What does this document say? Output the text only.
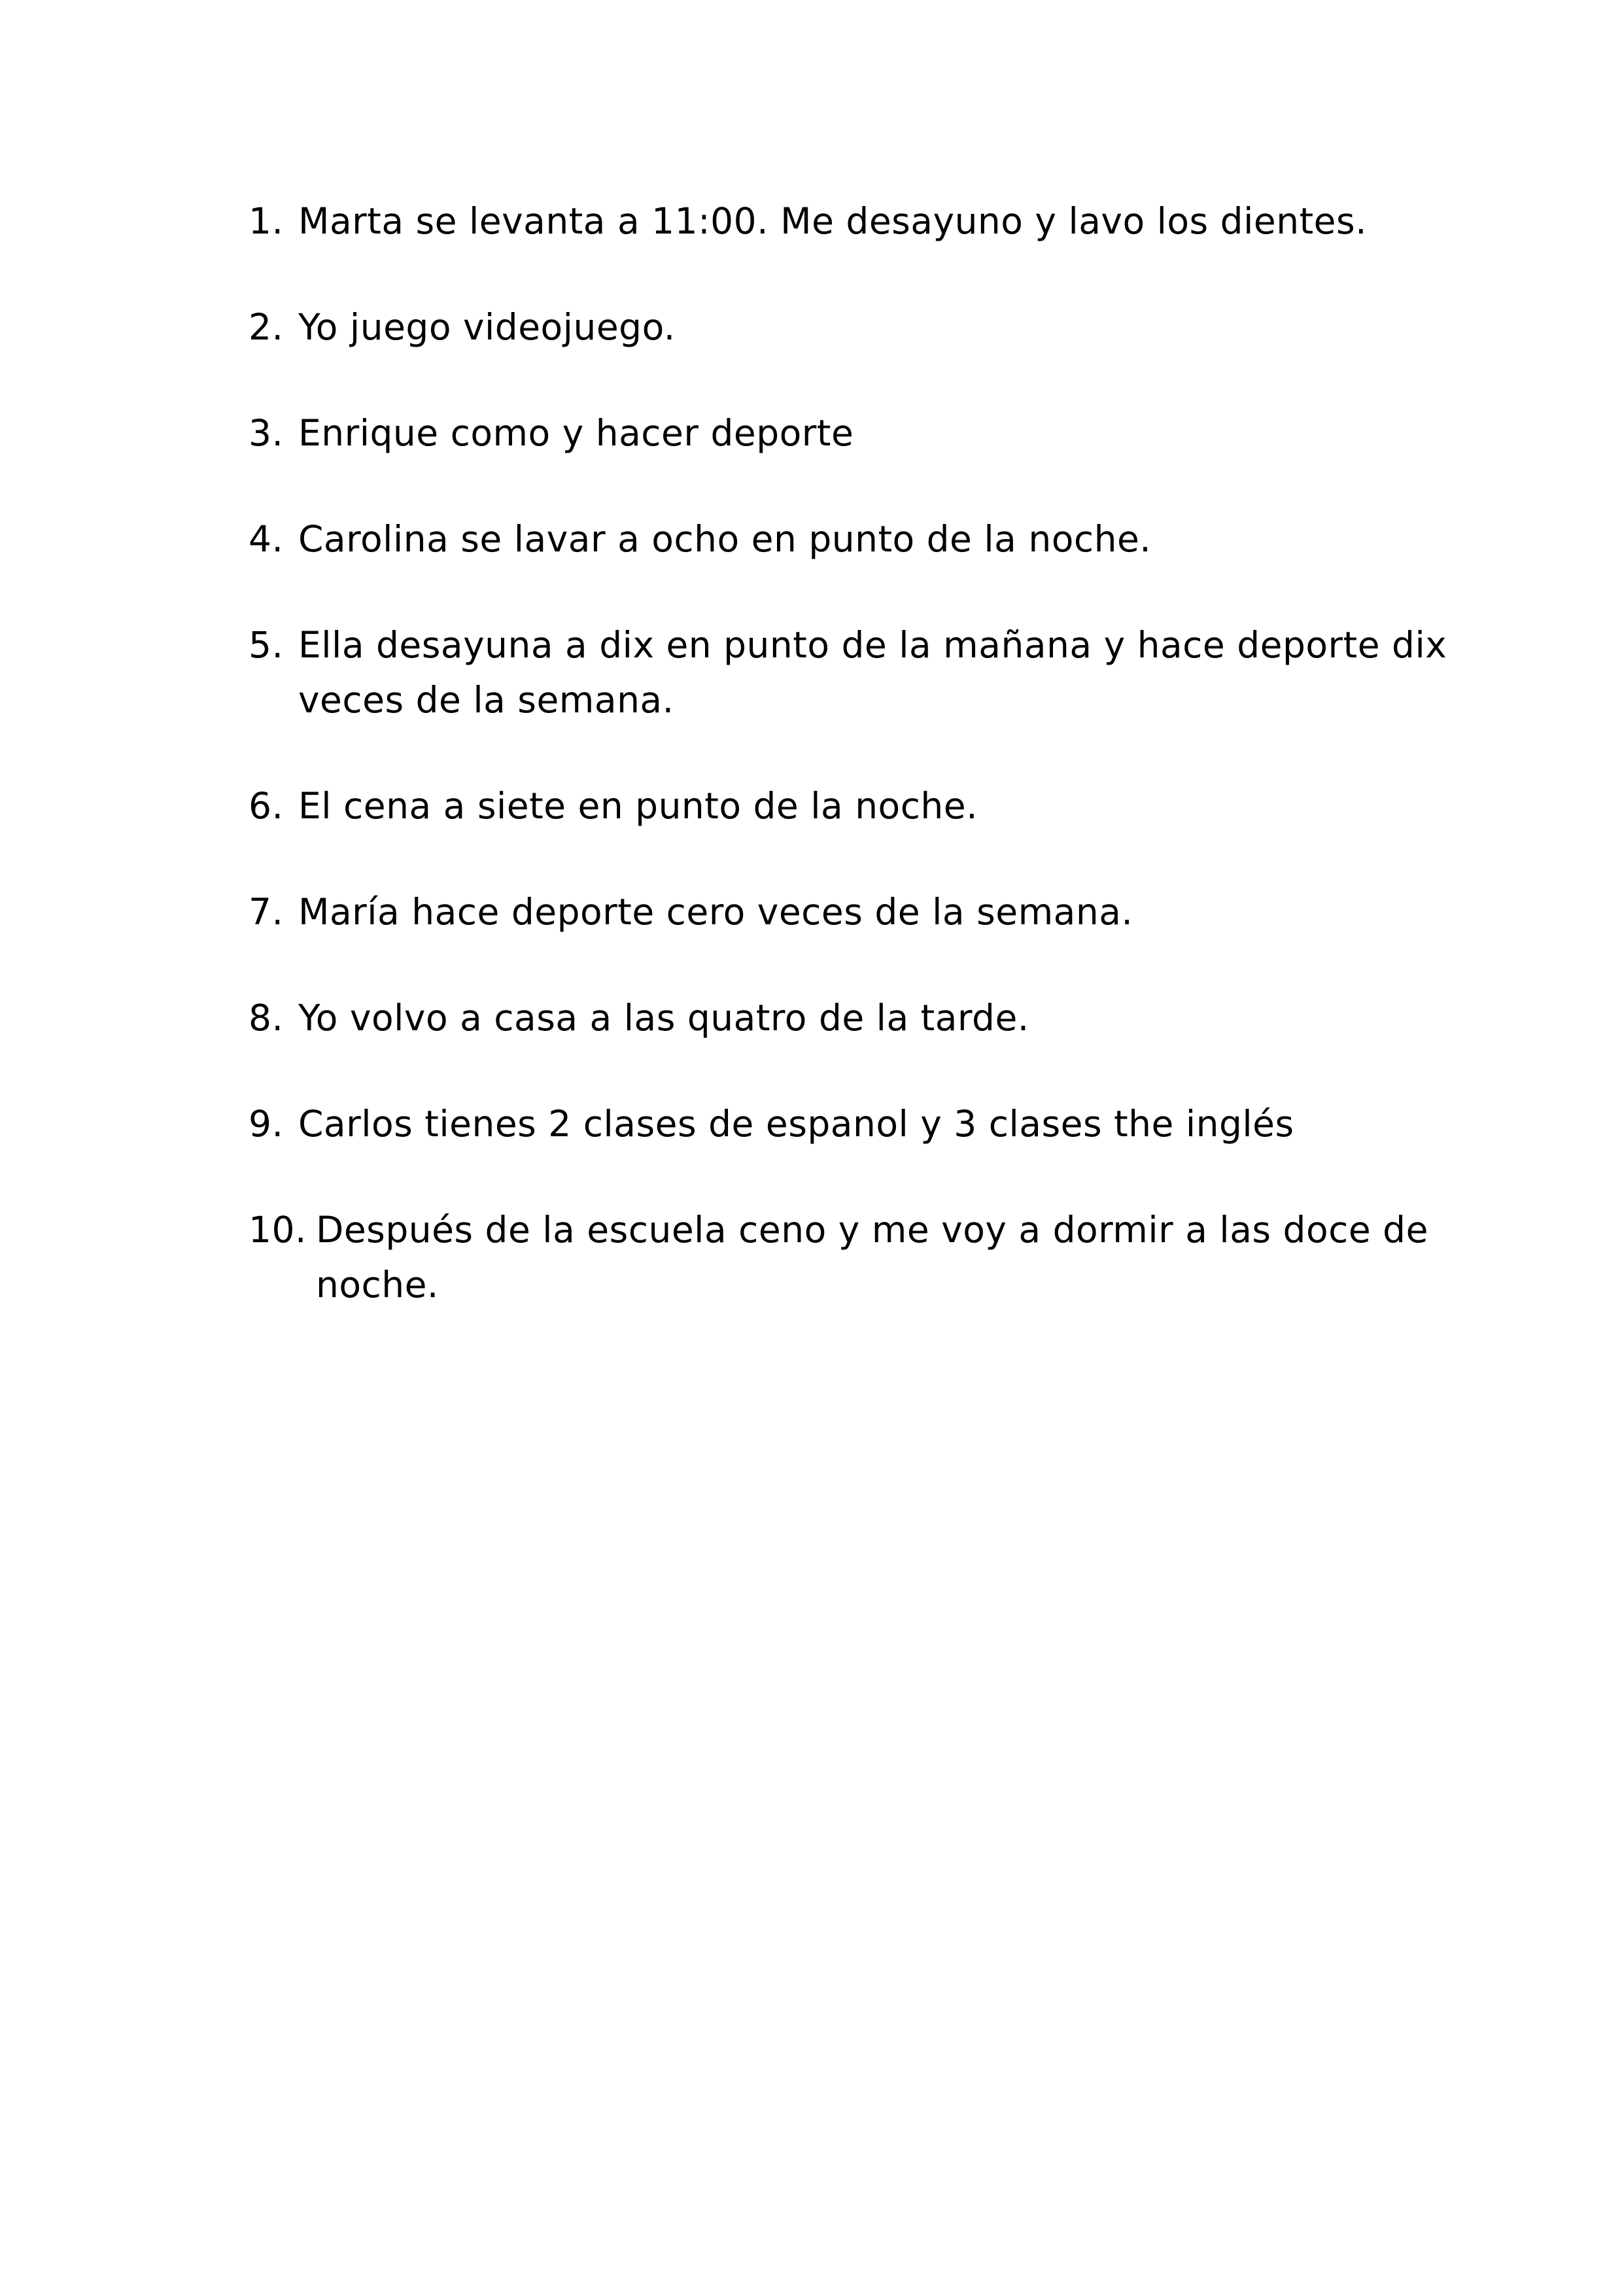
1. Marta se levanta a 11:00. Me desayuno y lavo los dientes.
2. Yo juego videojuego.
3. Enrique como y hacer deporte
4. Carolina se lavar a ocho en punto de la noche.
5. Ella desayuna a dix en punto de la mañana y hace deporte dix
veces de la semana.
6. El cena a siete en punto de la noche.
7. María hace deporte cero veces de la semana.
8. Yo volvo a casa a las quatro de la tarde.
9. Carlos tienes 2 clases de espanol y 3 clases the inglés
10. Después de la escuela ceno y me voy a dormir a las doce de
noche.
